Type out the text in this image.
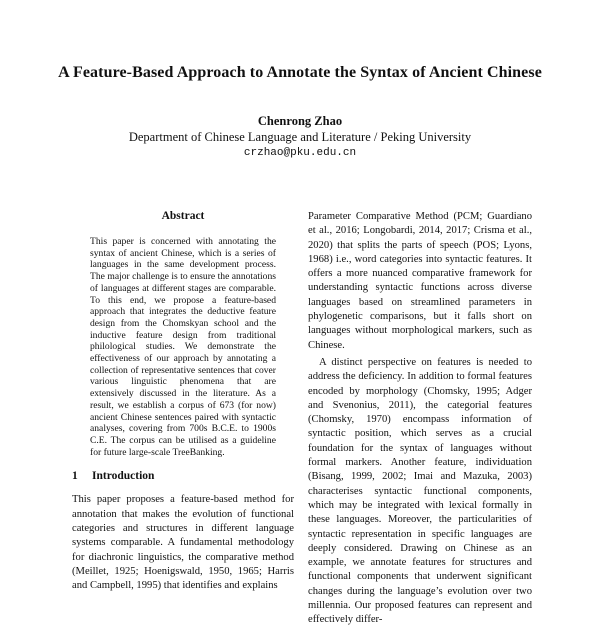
A Feature-Based Approach to Annotate the Syntax of Ancient Chinese
Chenrong Zhao
Department of Chinese Language and Literature / Peking University
crzhao@pku.edu.cn
Abstract

This paper is concerned with annotating the syntax of ancient Chinese, which is a series of languages in the same development process. The major challenge is to ensure the annotations of languages at different stages are comparable. To this end, we propose a feature-based approach that integrates the deductive feature design from the Chomskyan school and the inductive feature design from traditional philological studies. We demonstrate the effectiveness of our approach by annotating a collection of representative sentences that cover various linguistic phenomena that are extensively discussed in the literature. As a result, we establish a corpus of 673 (for now) ancient Chinese sentences paired with syntactic analyses, covering from 700s B.C.E. to 1900s C.E. The corpus can be utilised as a guideline for future large-scale TreeBanking.

1 Introduction

This paper proposes a feature-based method for annotation that makes the evolution of functional categories and structures in different language systems comparable. A fundamental methodology for diachronic linguistics, the comparative method (Meillet, 1925; Hoenigswald, 1950, 1965; Harris and Campbell, 1995) that identifies and explains

Parameter Comparative Method (PCM; Guardiano et al., 2016; Longobardi, 2014, 2017; Crisma et al., 2020) that splits the parts of speech (POS; Lyons, 1968) i.e., word categories into syntactic features. It offers a more nuanced comparative framework for understanding syntactic functions across diverse languages based on streamlined parameters in phylogenetic comparisons, but it falls short on languages without morphological markers, such as Chinese.

A distinct perspective on features is needed to address the deficiency. In addition to formal features encoded by morphology (Chomsky, 1995; Adger and Svenonius, 2011), the categorial features (Chomsky, 1970) encompass information of syntactic position, which serves as a crucial foundation for the syntax of languages without formal markers. Another feature, individuation (Bisang, 1999, 2002; Imai and Mazuka, 2003) characterises syntactic functional components, which may be integrated with lexical formally in these languages. Moreover, the particularities of syntactic representation in specific languages are deeply considered. Drawing on Chinese as an example, we annotate features for structures and functional components that underwent significant changes during the language’s evolution over two millennia. Our proposed features can represent and effectively differ-
